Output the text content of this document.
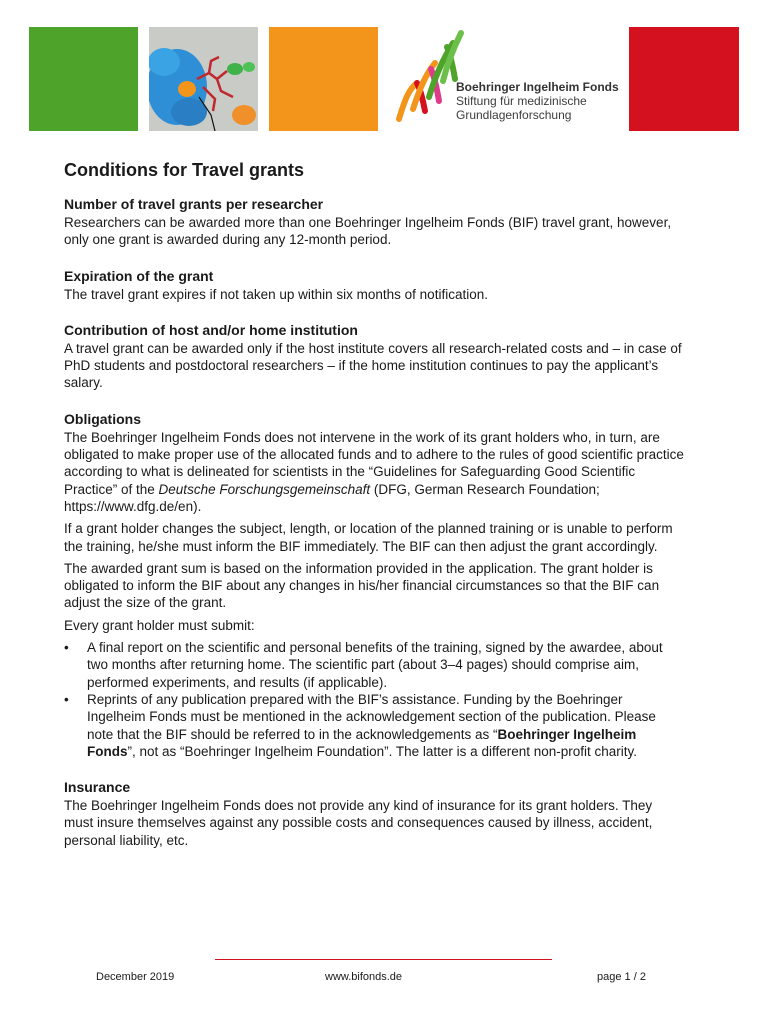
Boehringer Ingelheim Fonds
Stiftung für medizinische
Grundlagenforschung
Conditions for Travel grants
Number of travel grants per researcher

Researchers can be awarded more than one Boehringer Ingelheim Fonds (BIF) travel grant, however, only one grant is awarded during any 12-month period.

Expiration of the grant

The travel grant expires if not taken up within six months of notification.

Contribution of host and/or home institution

A travel grant can be awarded only if the host institute covers all research-related costs and – in case of PhD students and postdoctoral researchers – if the home institution continues to pay the applicant’s salary.

Obligations

The Boehringer Ingelheim Fonds does not intervene in the work of its grant holders who, in turn, are obligated to make proper use of the allocated funds and to adhere to the rules of good scientific practice according to what is delineated for scientists in the “Guidelines for Safeguarding Good Scientific Practice” of the Deutsche Forschungsgemeinschaft (DFG, German Research Foundation; https://www.dfg.de/en).

If a grant holder changes the subject, length, or location of the planned training or is unable to perform the training, he/she must inform the BIF immediately. The BIF can then adjust the grant accordingly.

The awarded grant sum is based on the information provided in the application. The grant holder is obligated to inform the BIF about any changes in his/her financial circumstances so that the BIF can adjust the size of the grant.

Every grant holder must submit:

• A final report on the scientific and personal benefits of the training, signed by the awardee, about two months after returning home. The scientific part (about 3–4 pages) should comprise aim, performed experiments, and results (if applicable).
• Reprints of any publication prepared with the BIF’s assistance. Funding by the Boehringer Ingelheim Fonds must be mentioned in the acknowledgement section of the publication. Please note that the BIF should be referred to in the acknowledgements as “Boehringer Ingelheim Fonds”, not as “Boehringer Ingelheim Foundation”. The latter is a different non-profit charity.
Insurance

The Boehringer Ingelheim Fonds does not provide any kind of insurance for its grant holders. They must insure themselves against any possible costs and consequences caused by illness, accident, personal liability, etc.

December 2019	www.bifonds.de	page 1 / 2
